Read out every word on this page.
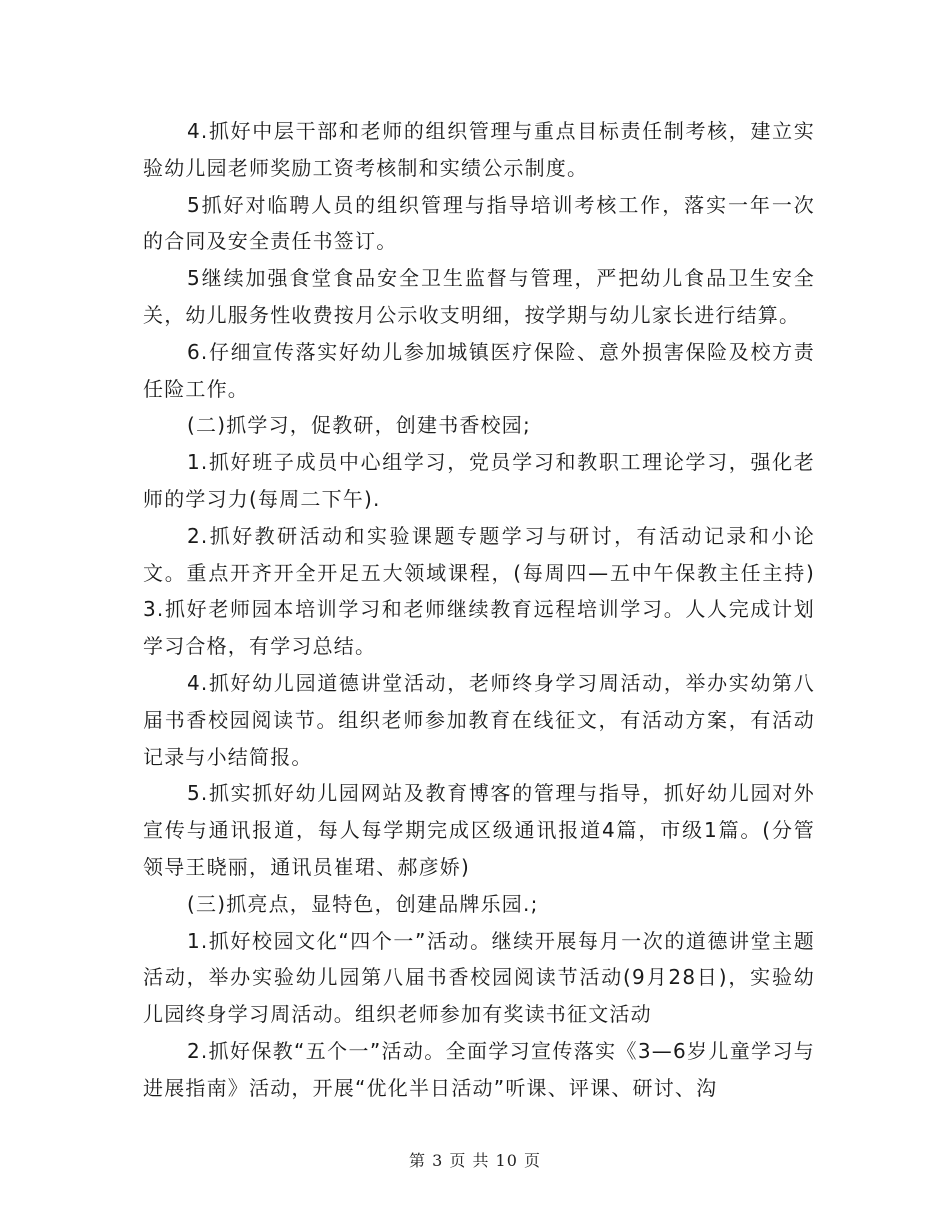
4.抓好中层干部和老师的组织管理与重点目标责任制考核，建立实验幼儿园老师奖励工资考核制和实绩公示制度。

5抓好对临聘人员的组织管理与指导培训考核工作，落实一年一次的合同及安全责任书签订。

5继续加强食堂食品安全卫生监督与管理，严把幼儿食品卫生安全关，幼儿服务性收费按月公示收支明细，按学期与幼儿家长进行结算。

6.仔细宣传落实好幼儿参加城镇医疗保险、意外损害保险及校方责任险工作。

(二)抓学习，促教研，创建书香校园;

1.抓好班子成员中心组学习，党员学习和教职工理论学习，强化老师的学习力(每周二下午).

2.抓好教研活动和实验课题专题学习与研讨，有活动记录和小论文。重点开齐开全开足五大领域课程，(每周四—五中午保教主任主持)3.抓好老师园本培训学习和老师继续教育远程培训学习。人人完成计划学习合格，有学习总结。

4.抓好幼儿园道德讲堂活动，老师终身学习周活动，举办实幼第八届书香校园阅读节。组织老师参加教育在线征文，有活动方案，有活动记录与小结简报。

5.抓实抓好幼儿园网站及教育博客的管理与指导，抓好幼儿园对外宣传与通讯报道，每人每学期完成区级通讯报道4篇，市级1篇。(分管领导王晓丽，通讯员崔珺、郝彦娇)

(三)抓亮点，显特色，创建品牌乐园.;

1.抓好校园文化“四个一”活动。继续开展每月一次的道德讲堂主题活动，举办实验幼儿园第八届书香校园阅读节活动(9月28日)，实验幼儿园终身学习周活动。组织老师参加有奖读书征文活动

2.抓好保教“五个一”活动。全面学习宣传落实《3—6岁儿童学习与进展指南》活动，开展“优化半日活动”听课、评课、研讨、沟

第 3 页 共 10 页
